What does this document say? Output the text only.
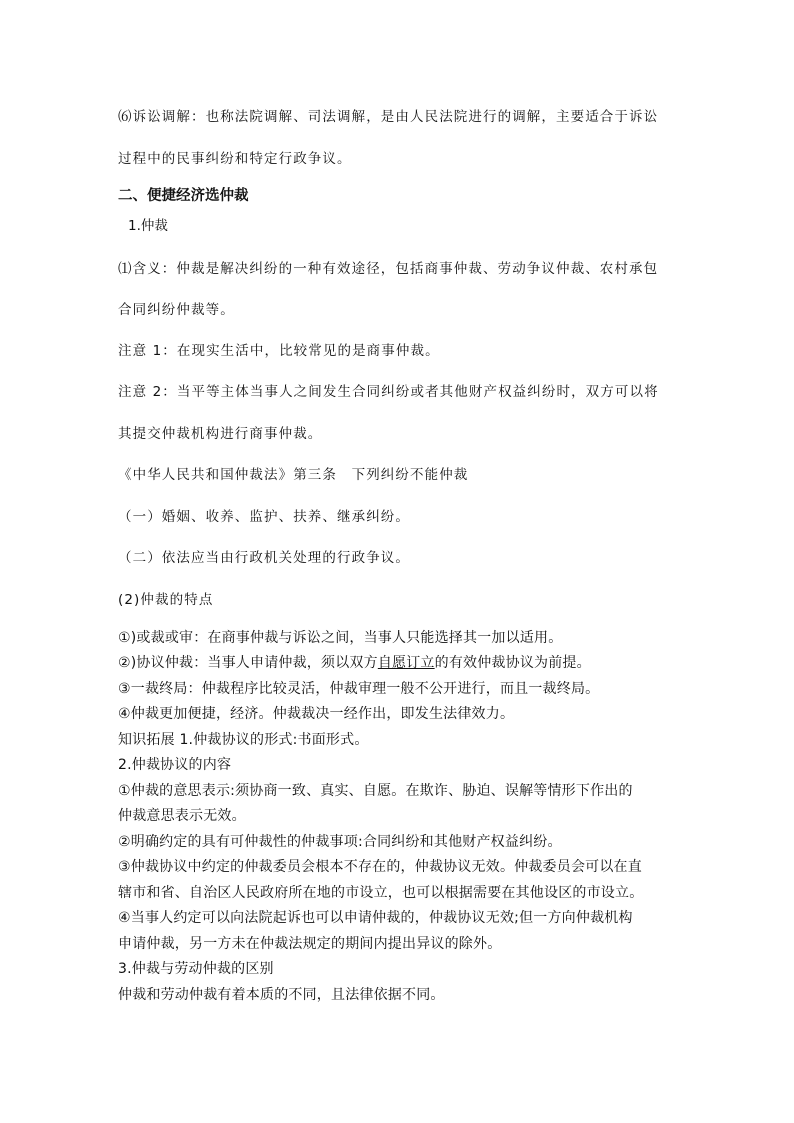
⑹诉讼调解：也称法院调解、司法调解，是由人民法院进行的调解，主要适合于诉讼
过程中的民事纠纷和特定行政争议。
二、便捷经济选仲裁
1.仲裁
⑴含义：仲裁是解决纠纷的一种有效途径，包括商事仲裁、劳动争议仲裁、农村承包
合同纠纷仲裁等。
注意 1：在现实生活中，比较常见的是商事仲裁。
注意 2：当平等主体当事人之间发生合同纠纷或者其他财产权益纠纷时，双方可以将
其提交仲裁机构进行商事仲裁。
《中华人民共和国仲裁法》第三条　下列纠纷不能仲裁
（一）婚姻、收养、监护、扶养、继承纠纷。
（二）依法应当由行政机关处理的行政争议。
(2)仲裁的特点
①)或裁或审：在商事仲裁与诉讼之间，当事人只能选择其一加以适用。
②)协议仲裁：当事人申请仲裁，须以双方自愿订立的有效仲裁协议为前提。
③一裁终局：仲裁程序比较灵活，仲裁审理一般不公开进行，而且一裁终局。
④仲裁更加便捷，经济。仲裁裁决一经作出，即发生法律效力。
知识拓展 1.仲裁协议的形式:书面形式。
2.仲裁协议的内容
①仲裁的意思表示:须协商一致、真实、自愿。在欺诈、胁迫、误解等情形下作出的
仲裁意思表示无效。
②明确约定的具有可仲裁性的仲裁事项:合同纠纷和其他财产权益纠纷。
③仲裁协议中约定的仲裁委员会根本不存在的，仲裁协议无效。仲裁委员会可以在直
辖市和省、自治区人民政府所在地的市设立，也可以根据需要在其他设区的市设立。
④当事人约定可以向法院起诉也可以申请仲裁的，仲裁协议无效;但一方向仲裁机构
申请仲裁，另一方未在仲裁法规定的期间内提出异议的除外。
3.仲裁与劳动仲裁的区别
仲裁和劳动仲裁有着本质的不同，且法律依据不同。
